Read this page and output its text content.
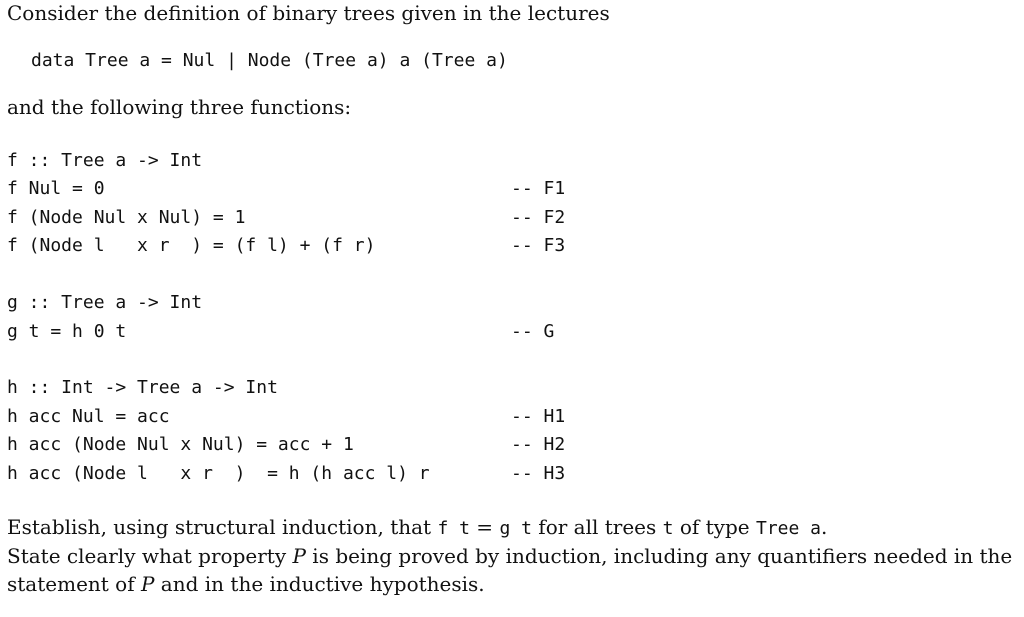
Consider the definition of binary trees given in the lectures
data Tree a = Nul | Node (Tree a) a (Tree a)
and the following three functions:
f :: Tree a -> Int
f Nul = 0	-- F1
f (Node Nul x Nul) = 1	-- F2
f (Node l   x r  ) = (f l) + (f r)	-- F3
g :: Tree a -> Int
g t = h 0 t	-- G
h :: Int -> Tree a -> Int
h acc Nul = acc	-- H1
h acc (Node Nul x Nul) = acc + 1	-- H2
h acc (Node l   x r  )  = h (h acc l) r	-- H3
Establish, using structural induction, that f t = g t for all trees t of type Tree a.
State clearly what property P is being proved by induction, including any quantifiers needed in the
statement of P and in the inductive hypothesis.
